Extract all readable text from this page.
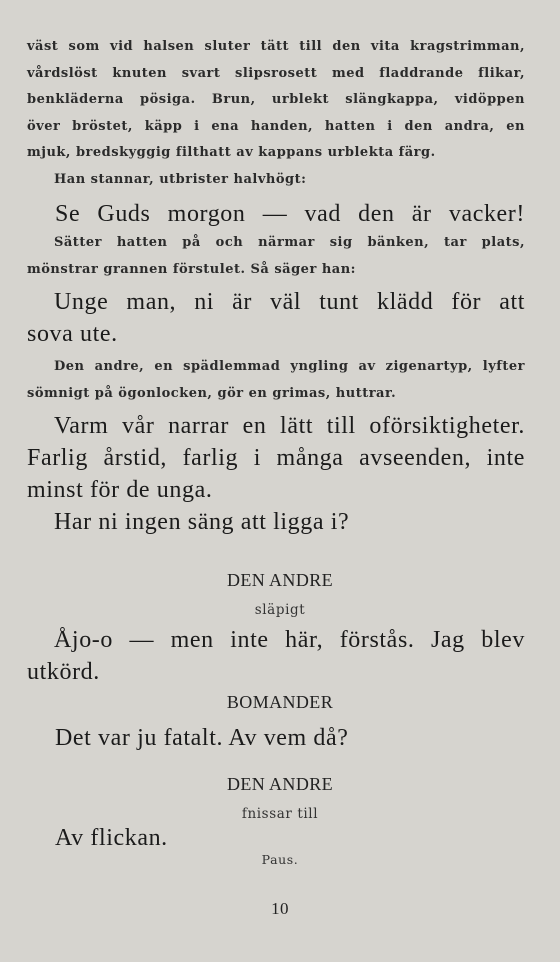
väst som vid halsen sluter tätt till den vita kragstrimman,

vårdslöst knuten svart slipsrosett med fladdrande flikar,

benkläderna pösiga. Brun, urblekt slängkappa, vidöppen

över bröstet, käpp i ena handen, hatten i den andra, en

mjuk, bredskyggig filthatt av kappans urblekta färg.

Han stannar, utbrister halvhögt:

Se Guds morgon — vad den är vacker!

Sätter hatten på och närmar sig bänken, tar plats,

mönstrar grannen förstulet. Så säger han:

Unge man, ni är väl tunt klädd för att

sova ute.

Den andre, en spädlemmad yngling av zigenartyp, lyfter

sömnigt på ögonlocken, gör en grimas, huttrar.

Varm vår narrar en lätt till oförsiktigheter.

Farlig årstid, farlig i många avseenden, inte

minst för de unga.

Har ni ingen säng att ligga i?

DEN ANDRE

släpigt

Åjo-o — men inte här, förstås. Jag blev

utkörd.

BOMANDER

Det var ju fatalt. Av vem då?

DEN ANDRE

fnissar till

Av flickan.

Paus.

10
